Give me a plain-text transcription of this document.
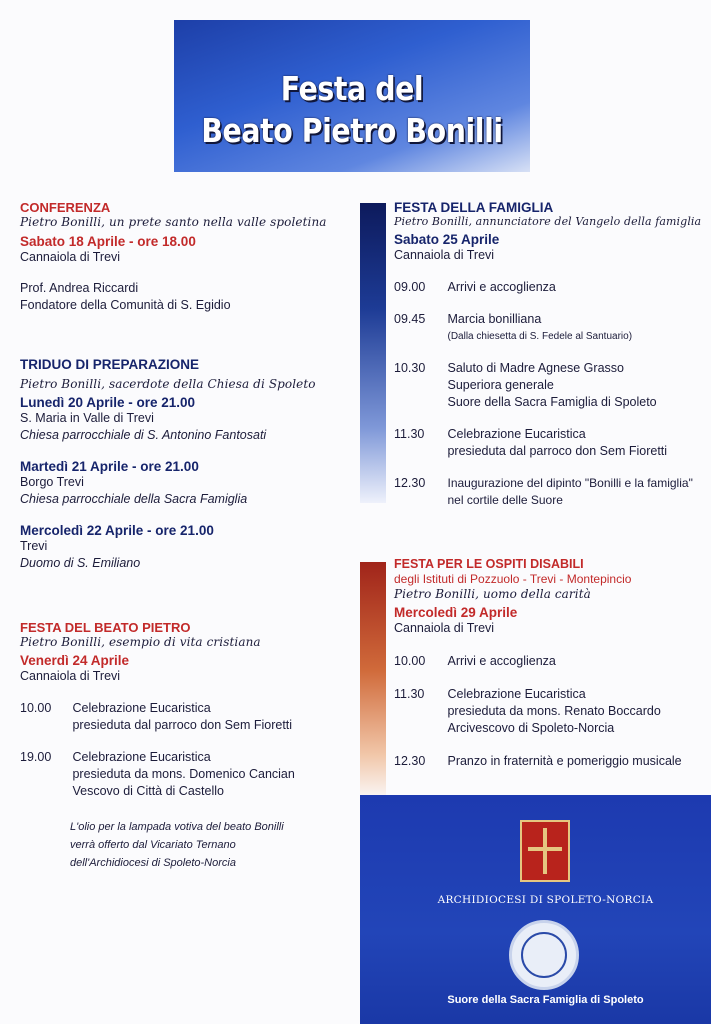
Festa del
Beato Pietro Bonilli
CONFERENZA
Pietro Bonilli, un prete santo nella valle spoletina
Sabato 18 Aprile - ore 18.00
Cannaiola di Trevi
Prof. Andrea Riccardi
Fondatore della Comunità di S. Egidio
TRIDUO DI PREPARAZIONE
Pietro Bonilli, sacerdote della Chiesa di Spoleto
Lunedì 20 Aprile - ore 21.00
S. Maria in Valle di Trevi
Chiesa parrocchiale di S. Antonino Fantosati
Martedì 21 Aprile - ore 21.00
Borgo Trevi
Chiesa parrocchiale della Sacra Famiglia
Mercoledì 22 Aprile - ore 21.00
Trevi
Duomo di S. Emiliano
FESTA DEL BEATO PIETRO
Pietro Bonilli, esempio di vita cristiana
Venerdì 24 Aprile
Cannaiola di Trevi
10.00 Celebrazione Eucaristica
presieduta dal parroco don Sem Fioretti
19.00 Celebrazione Eucaristica
presieduta da mons. Domenico Cancian
Vescovo di Città di Castello
L'olio per la lampada votiva del beato Bonilli
verrà offerto dal Vicariato Ternano
dell'Archidiocesi di Spoleto-Norcia
FESTA DELLA FAMIGLIA
Pietro Bonilli, annunciatore del Vangelo della famiglia
Sabato 25 Aprile
Cannaiola di Trevi
09.00 Arrivi e accoglienza
09.45 Marcia bonilliana
(Dalla chiesetta di S. Fedele al Santuario)
10.30 Saluto di Madre Agnese Grasso
Superiora generale
Suore della Sacra Famiglia di Spoleto
11.30 Celebrazione Eucaristica
presieduta dal parroco don Sem Fioretti
12.30 Inaugurazione del dipinto "Bonilli e la famiglia"
nel cortile delle Suore
FESTA PER LE OSPITI DISABILI
degli Istituti di Pozzuolo - Trevi - Montepincio
Pietro Bonilli, uomo della carità
Mercoledì 29 Aprile
Cannaiola di Trevi
10.00 Arrivi e accoglienza
11.30 Celebrazione Eucaristica
presieduta da mons. Renato Boccardo
Arcivescovo di Spoleto-Norcia
12.30 Pranzo in fraternità e pomeriggio musicale
ARCHIDIOCESI DI SPOLETO-NORCIA
Suore della Sacra Famiglia di Spoleto
